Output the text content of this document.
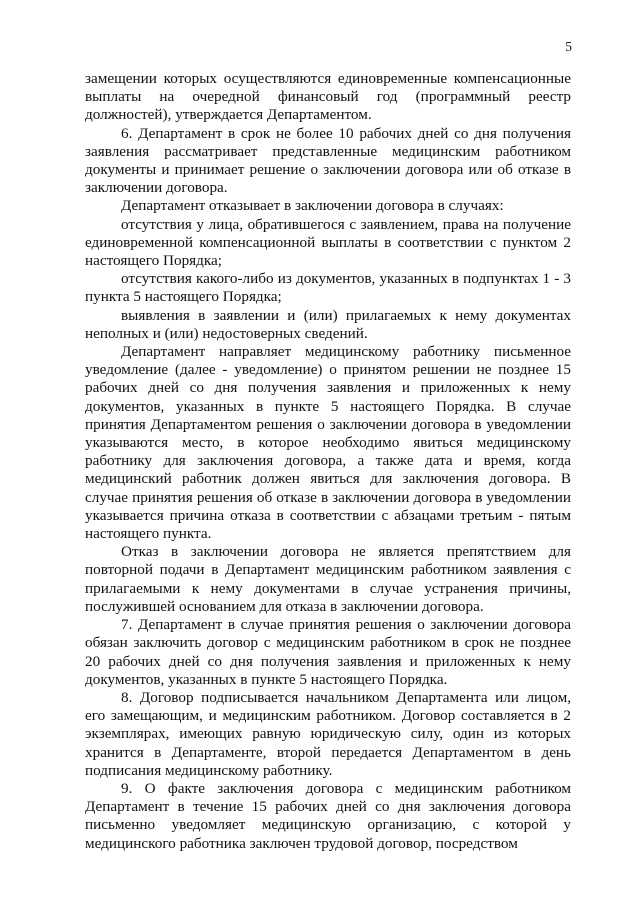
5

замещении которых осуществляются единовременные компенсационные выплаты на очередной финансовый год (программный реестр должностей), утверждается Департаментом.

6. Департамент в срок не более 10 рабочих дней со дня получения заявления рассматривает представленные медицинским работником документы и принимает решение о заключении договора или об отказе в заключении договора.

Департамент отказывает в заключении договора в случаях:

отсутствия у лица, обратившегося с заявлением, права на получение единовременной компенсационной выплаты в соответствии с пунктом 2 настоящего Порядка;

отсутствия какого-либо из документов, указанных в подпунктах 1 - 3 пункта 5 настоящего Порядка;

выявления в заявлении и (или) прилагаемых к нему документах неполных и (или) недостоверных сведений.

Департамент направляет медицинскому работнику письменное уведомление (далее - уведомление) о принятом решении не позднее 15 рабочих дней со дня получения заявления и приложенных к нему документов, указанных в пункте 5 настоящего Порядка. В случае принятия Департаментом решения о заключении договора в уведомлении указываются место, в которое необходимо явиться медицинскому работнику для заключения договора, а также дата и время, когда медицинский работник должен явиться для заключения договора. В случае принятия решения об отказе в заключении договора в уведомлении указывается причина отказа в соответствии с абзацами третьим - пятым настоящего пункта.

Отказ в заключении договора не является препятствием для повторной подачи в Департамент медицинским работником заявления с прилагаемыми к нему документами в случае устранения причины, послужившей основанием для отказа в заключении договора.

7. Департамент в случае принятия решения о заключении договора обязан заключить договор с медицинским работником в срок не позднее 20 рабочих дней со дня получения заявления и приложенных к нему документов, указанных в пункте 5 настоящего Порядка.

8. Договор подписывается начальником Департамента или лицом, его замещающим, и медицинским работником. Договор составляется в 2 экземплярах, имеющих равную юридическую силу, один из которых хранится в Департаменте, второй передается Департаментом в день подписания медицинскому работнику.

9. О факте заключения договора с медицинским работником Департамент в течение 15 рабочих дней со дня заключения договора письменно уведомляет медицинскую организацию, с которой у медицинского работника заключен трудовой договор, посредством
